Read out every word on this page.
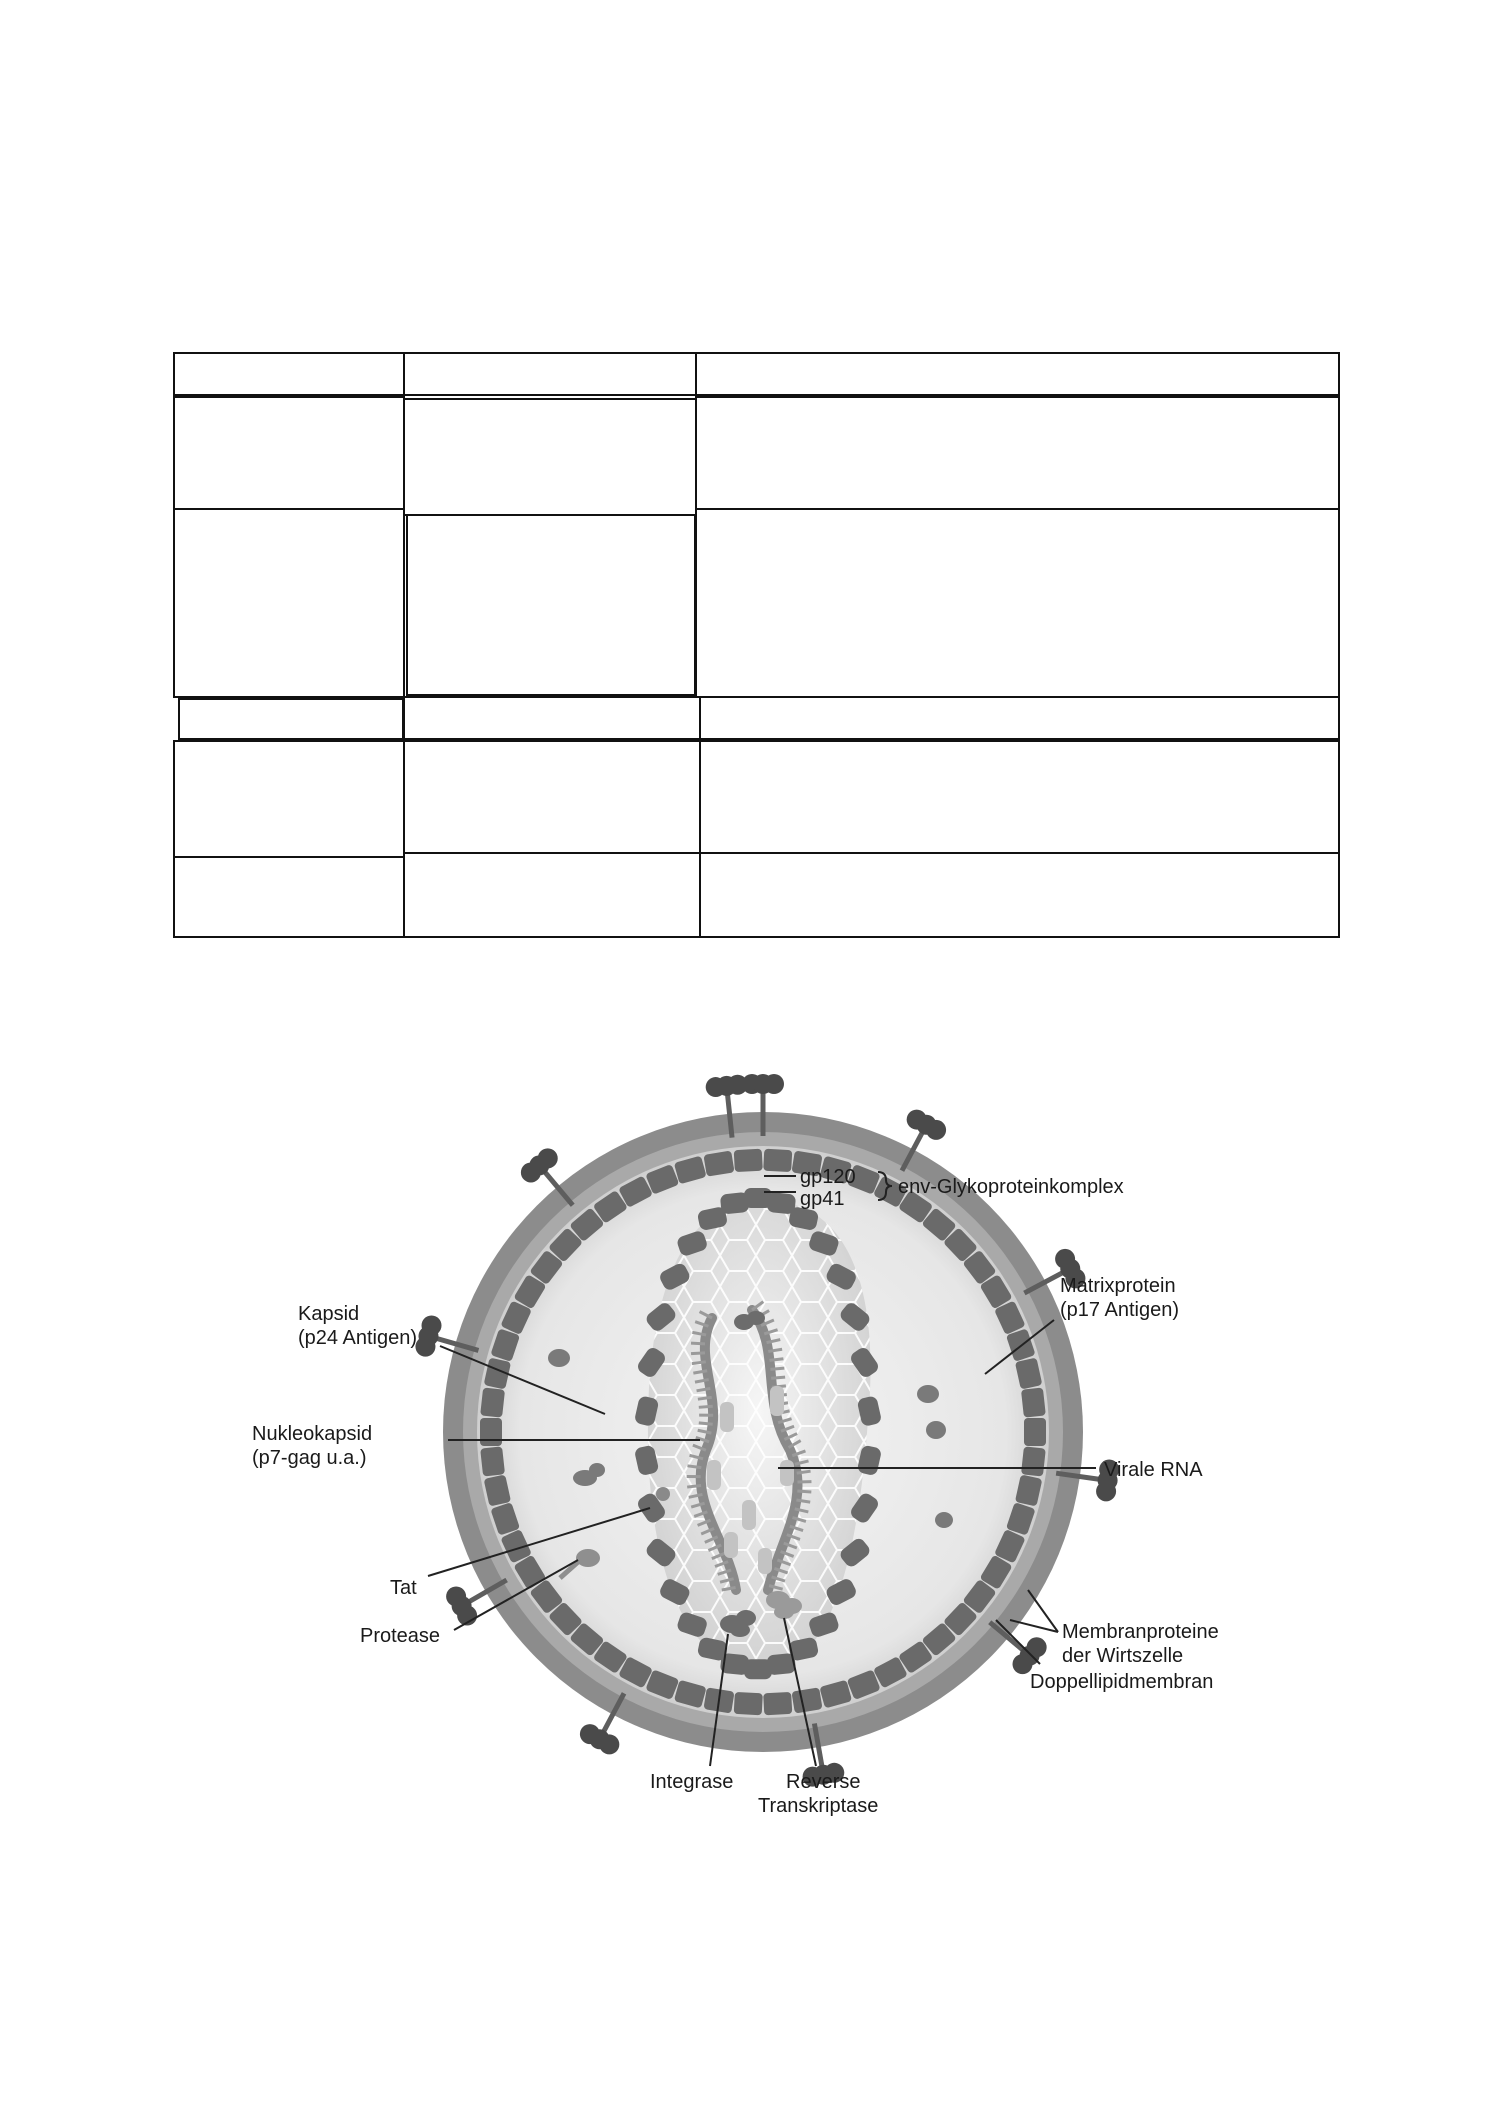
gp120
gp41
env-Glykoproteinkomplex
Matrixprotein
(p17 Antigen)
Kapsid
(p24 Antigen)
Nukleokapsid
(p7-gag u.a.)
Virale RNA
Tat
Protease	Membranproteine
der Wirtszelle
Doppellipidmembran
Integrase	Reverse
Transkriptase
